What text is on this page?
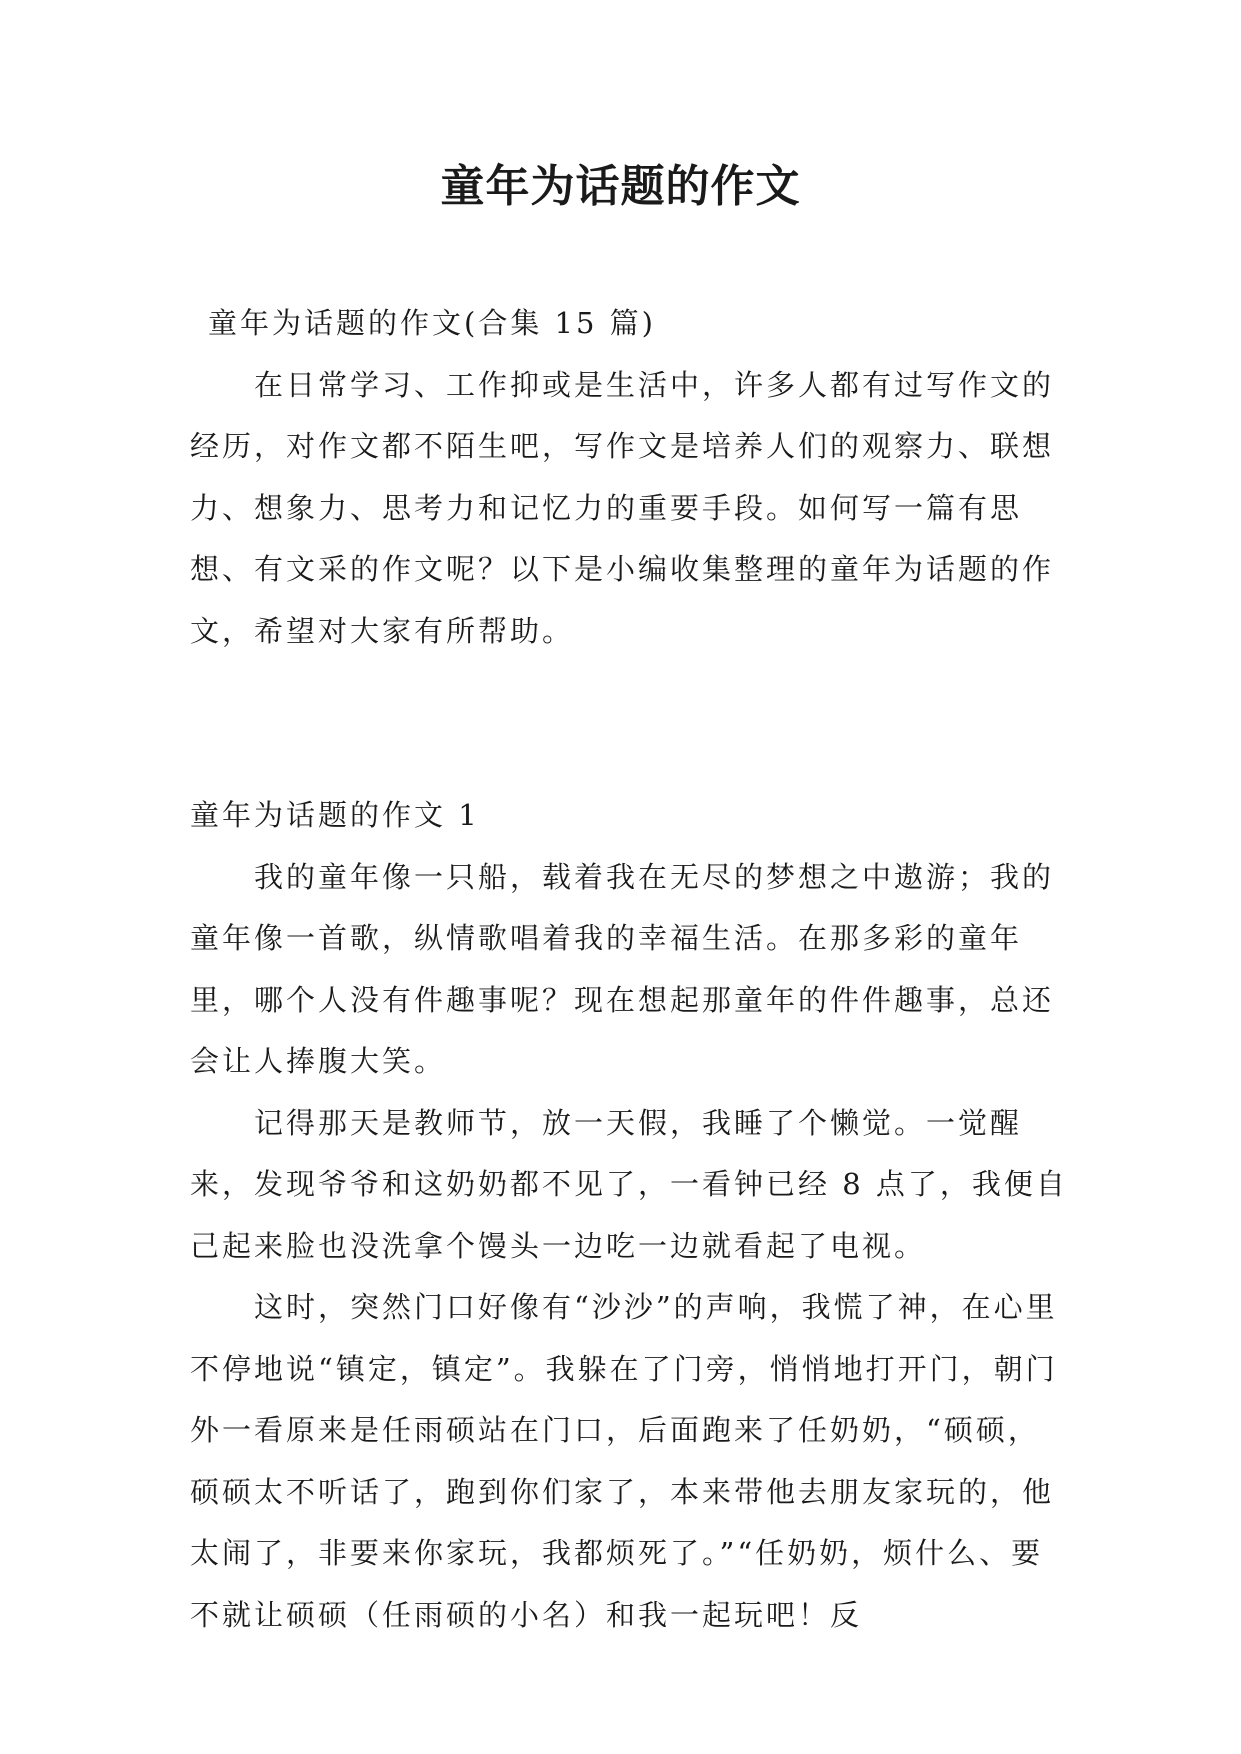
童年为话题的作文

童年为话题的作文(合集 15 篇)

在日常学习、工作抑或是生活中，许多人都有过写作文的经历，对作文都不陌生吧，写作文是培养人们的观察力、联想力、想象力、思考力和记忆力的重要手段。如何写一篇有思想、有文采的作文呢？以下是小编收集整理的童年为话题的作文，希望对大家有所帮助。

童年为话题的作文 1

我的童年像一只船，载着我在无尽的梦想之中遨游；我的童年像一首歌，纵情歌唱着我的幸福生活。在那多彩的童年里，哪个人没有件趣事呢？现在想起那童年的件件趣事，总还会让人捧腹大笑。

记得那天是教师节，放一天假，我睡了个懒觉。一觉醒来，发现爷爷和这奶奶都不见了，一看钟已经 8 点了，我便自己起来脸也没洗拿个馒头一边吃一边就看起了电视。

这时，突然门口好像有“沙沙”的声响，我慌了神，在心里不停地说“镇定，镇定”。我躲在了门旁，悄悄地打开门，朝门外一看原来是任雨硕站在门口，后面跑来了任奶奶，“硕硕，硕硕太不听话了，跑到你们家了，本来带他去朋友家玩的，他太闹了，非要来你家玩，我都烦死了。”“任奶奶，烦什么、要不就让硕硕（任雨硕的小名）和我一起玩吧！反
